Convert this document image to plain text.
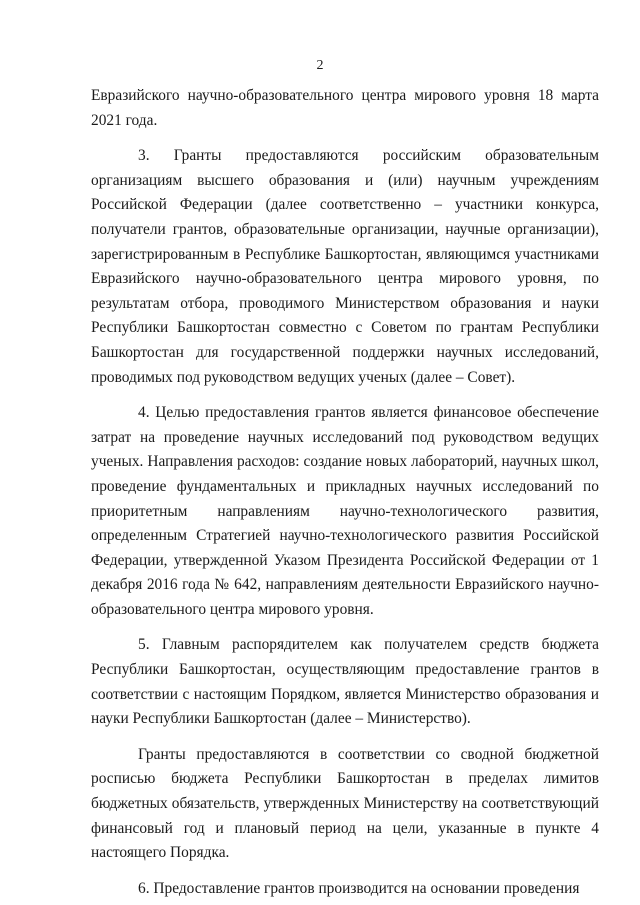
2

Евразийского научно-образовательного центра мирового уровня 18 марта 2021 года.

3. Гранты предоставляются российским образовательным организациям высшего образования и (или) научным учреждениям Российской Федерации (далее соответственно – участники конкурса, получатели грантов, образовательные организации, научные организации), зарегистрированным в Республике Башкортостан, являющимся участниками Евразийского научно-образовательного центра мирового уровня, по результатам отбора, проводимого Министерством образования и науки Республики Башкортостан совместно с Советом по грантам Республики Башкортостан для государственной поддержки научных исследований, проводимых под руководством ведущих ученых (далее – Совет).

4. Целью предоставления грантов является финансовое обеспечение затрат на проведение научных исследований под руководством ведущих ученых. Направления расходов: создание новых лабораторий, научных школ, проведение фундаментальных и прикладных научных исследований по приоритетным направлениям научно-технологического развития, определенным Стратегией научно-технологического развития Российской Федерации, утвержденной Указом Президента Российской Федерации от 1 декабря 2016 года № 642, направлениям деятельности Евразийского научно-образовательного центра мирового уровня.

5. Главным распорядителем как получателем средств бюджета Республики Башкортостан, осуществляющим предоставление грантов в соответствии с настоящим Порядком, является Министерство образования и науки Республики Башкортостан (далее – Министерство).

Гранты предоставляются в соответствии со сводной бюджетной росписью бюджета Республики Башкортостан в пределах лимитов бюджетных обязательств, утвержденных Министерству на соответствующий финансовый год и плановый период на цели, указанные в пункте 4 настоящего Порядка.

6. Предоставление грантов производится на основании проведения
